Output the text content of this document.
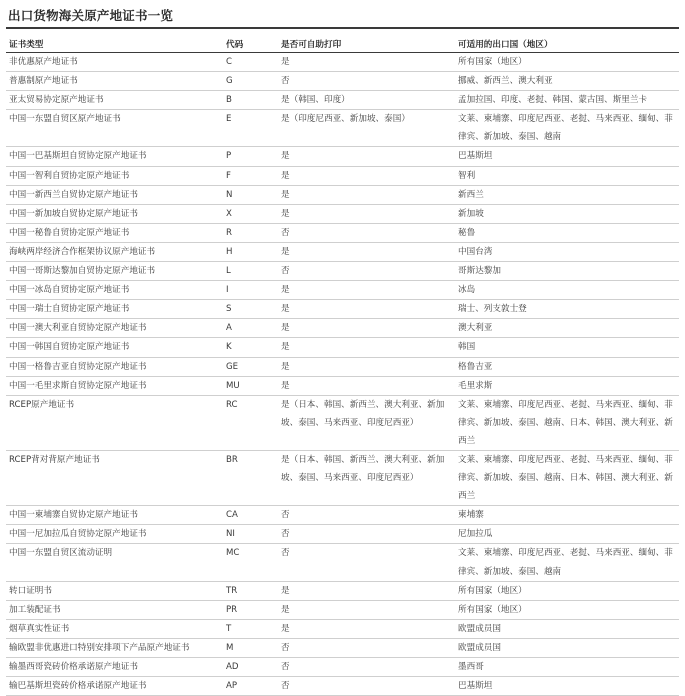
出口货物海关原产地证书一览
证书类型	代码	是否可自助打印	可适用的出口国（地区）
非优惠原产地证书	C	是	所有国家（地区）
普惠制原产地证书	G	否	挪威、新西兰、澳大利亚
亚太贸易协定原产地证书	B	是（韩国、印度）	孟加拉国、印度、老挝、韩国、蒙古国、斯里兰卡
中国一东盟自贸区原产地证书	E	是（印度尼西亚、新加坡、泰国）	文莱、柬埔寨、印度尼西亚、老挝、马来西亚、缅甸、菲律宾、新加坡、泰国、越南
中国一巴基斯坦自贸协定原产地证书	P	是	巴基斯坦
中国一智利自贸协定原产地证书	F	是	智利
中国一新西兰自贸协定原产地证书	N	是	新西兰
中国一新加坡自贸协定原产地证书	X	是	新加坡
中国一秘鲁自贸协定原产地证书	R	否	秘鲁
海峡两岸经济合作框架协议原产地证书	H	是	中国台湾
中国一哥斯达黎加自贸协定原产地证书	L	否	哥斯达黎加
中国一冰岛自贸协定原产地证书	I	是	冰岛
中国一瑞士自贸协定原产地证书	S	是	瑞士、列支敦士登
中国一澳大利亚自贸协定原产地证书	A	是	澳大利亚
中国一韩国自贸协定原产地证书	K	是	韩国
中国一格鲁吉亚自贸协定原产地证书	GE	是	格鲁吉亚
中国一毛里求斯自贸协定原产地证书	MU	是	毛里求斯
RCEP原产地证书	RC	是（日本、韩国、新西兰、澳大利亚、新加坡、泰国、马来西亚、印度尼西亚）	文莱、柬埔寨、印度尼西亚、老挝、马来西亚、缅甸、菲律宾、新加坡、泰国、越南、日本、韩国、澳大利亚、新西兰
RCEP背对背原产地证书	BR	是（日本、韩国、新西兰、澳大利亚、新加坡、泰国、马来西亚、印度尼西亚）	文莱、柬埔寨、印度尼西亚、老挝、马来西亚、缅甸、菲律宾、新加坡、泰国、越南、日本、韩国、澳大利亚、新西兰
中国一柬埔寨自贸协定原产地证书	CA	否	柬埔寨
中国一尼加拉瓜自贸协定原产地证书	NI	否	尼加拉瓜
中国一东盟自贸区流动证明	MC	否	文莱、柬埔寨、印度尼西亚、老挝、马来西亚、缅甸、菲律宾、新加坡、泰国、越南
转口证明书	TR	是	所有国家（地区）
加工装配证书	PR	是	所有国家（地区）
烟草真实性证书	T	是	欧盟成员国
输欧盟非优惠进口特别安排项下产品原产地证书	M	否	欧盟成员国
输墨西哥瓷砖价格承诺原产地证书	AD	否	墨西哥
输巴基斯坦瓷砖价格承诺原产地证书	AP	否	巴基斯坦
